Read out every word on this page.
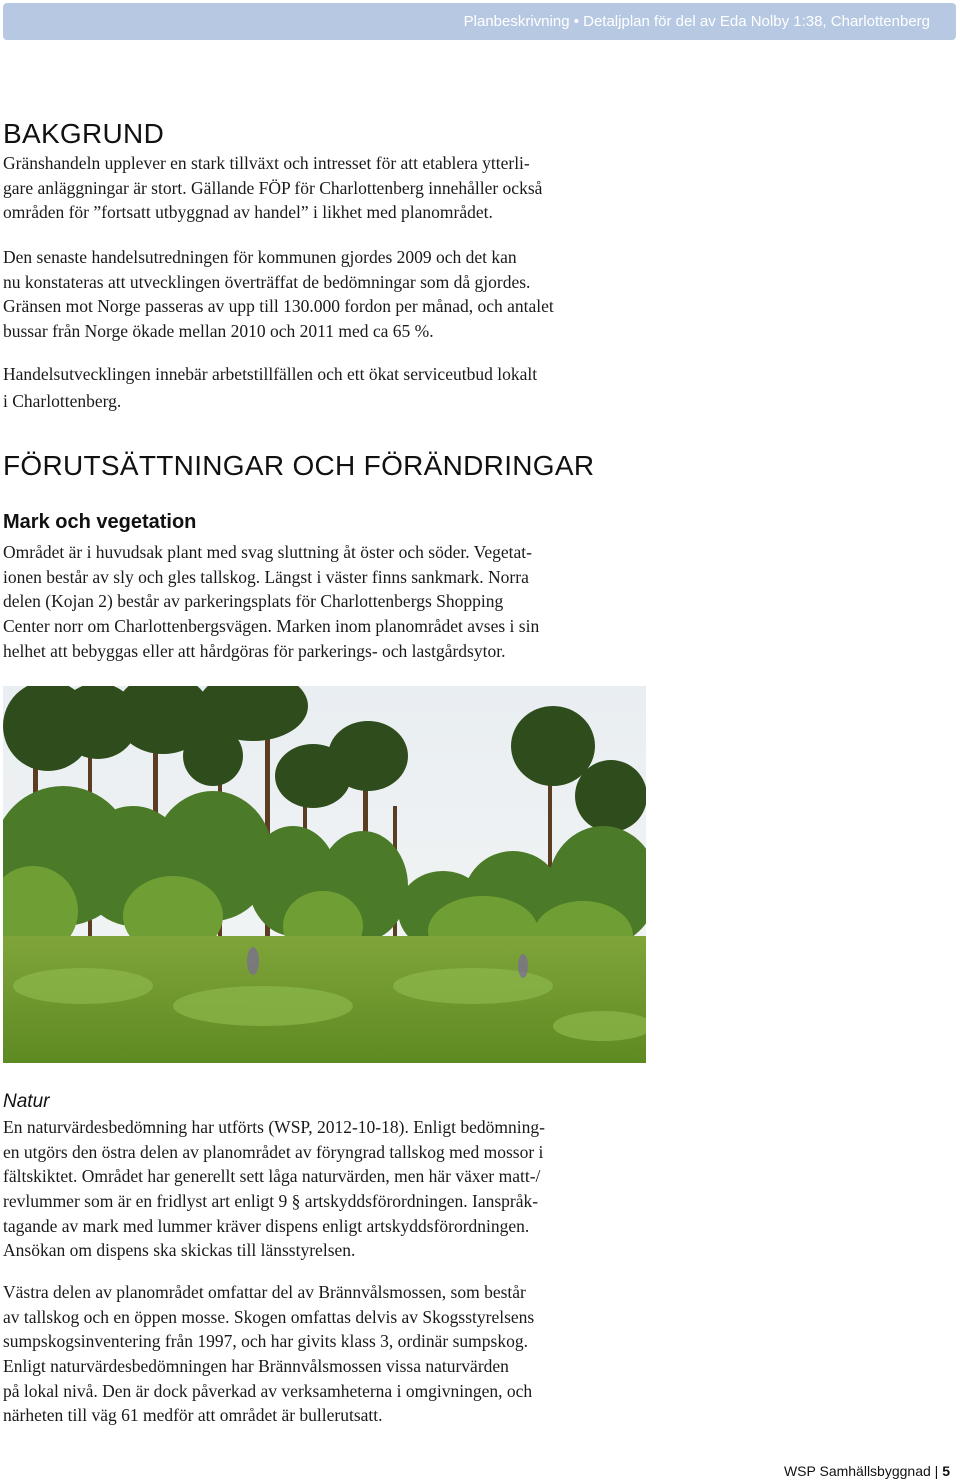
Planbeskrivning • Detaljplan för del av Eda Nolby 1:38, Charlottenberg
BAKGRUND

Gränshandeln upplever en stark tillväxt och intresset för att etablera ytterli-
gare anläggningar är stort. Gällande FÖP för Charlottenberg innehåller också
områden för ”fortsatt utbyggnad av handel” i likhet med planområdet.

Den senaste handelsutredningen för kommunen gjordes 2009 och det kan
nu konstateras att utvecklingen överträffat de bedömningar som då gjordes.
Gränsen mot Norge passeras av upp till 130.000 fordon per månad, och antalet
bussar från Norge ökade mellan 2010 och 2011 med ca 65 %.

Handelsutvecklingen innebär arbetstillfällen och ett ökat serviceutbud lokalt
i Charlottenberg.

FÖRUTSÄTTNINGAR OCH FÖRÄNDRINGAR
Mark och vegetation

Området är i huvudsak plant med svag sluttning åt öster och söder. Vegetat-
ionen består av sly och gles tallskog. Längst i väster finns sankmark. Norra
delen (Kojan 2) består av parkeringsplats för Charlottenbergs Shopping
Center norr om Charlottenbergsvägen. Marken inom planområdet avses i sin
helhet att bebyggas eller att hårdgöras för parkerings- och lastgårdsytor.

Natur

En naturvärdesbedömning har utförts (WSP, 2012-10-18). Enligt bedömning-
en utgörs den östra delen av planområdet av föryngrad tallskog med mossor i
fältskiktet. Området har generellt sett låga naturvärden, men här växer matt-/
revlummer som är en fridlyst art enligt 9 § artskyddsförordningen. Ianspråk-
tagande av mark med lummer kräver dispens enligt artskyddsförordningen.
Ansökan om dispens ska skickas till länsstyrelsen.

Västra delen av planområdet omfattar del av Brännvålsmossen, som består
av tallskog och en öppen mosse. Skogen omfattas delvis av Skogsstyrelsens
sumpskogsinventering från 1997, och har givits klass 3, ordinär sumpskog.
Enligt naturvärdesbedömningen har Brännvålsmossen vissa naturvärden
på lokal nivå. Den är dock påverkad av verksamheterna i omgivningen, och
närheten till väg 61 medför att området är bullerutsatt.

WSP Samhällsbyggnad | 5
